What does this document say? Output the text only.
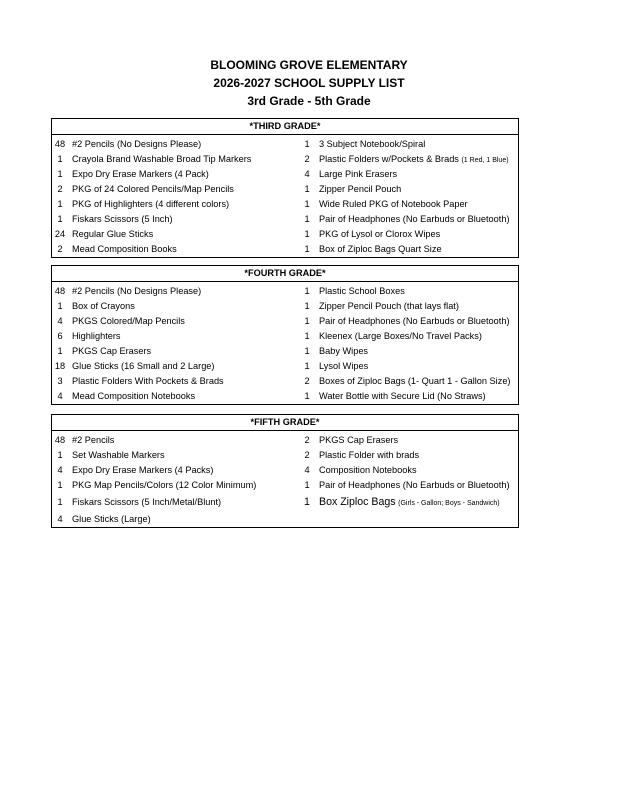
BLOOMING GROVE ELEMENTARY
2026-2027 SCHOOL SUPPLY LIST
3rd Grade - 5th Grade
*THIRD GRADE*
48 #2 Pencils (No Designs Please)	1 3 Subject Notebook/Spiral
1	Crayola Brand Washable Broad Tip Markers	2 Plastic Folders w/Pockets & Brads (1 Red, 1 Blue)
1	Expo Dry Erase Markers (4 Pack)	4 Large Pink Erasers
2	PKG of 24 Colored Pencils/Map Pencils	1 Zipper Pencil Pouch
1	PKG of Highlighters (4 different colors)	1 Wide Ruled PKG of Notebook Paper
1	Fiskars Scissors (5 Inch)	1 Pair of Headphones (No Earbuds or Bluetooth)
24 Regular Glue Sticks	1 PKG of Lysol or Clorox Wipes
2	Mead Composition Books	1 Box of Ziploc Bags Quart Size
*FOURTH GRADE*
48 #2 Pencils (No Designs Please)	1 Plastic School Boxes
1	Box of Crayons	1 Zipper Pencil Pouch (that lays flat)
4	PKGS Colored/Map Pencils	1 Pair of Headphones (No Earbuds or Bluetooth)
6	Highlighters	1 Kleenex (Large Boxes/No Travel Packs)
1	PKGS Cap Erasers	1 Baby Wipes
18 Glue Sticks (16 Small and 2 Large)	1 Lysol Wipes
3	Plastic Folders With Pockets & Brads	2 Boxes of Ziploc Bags (1- Quart 1 - Gallon Size)
4	Mead Composition Notebooks	1 Water Bottle with Secure Lid (No Straws)
*FIFTH GRADE*
48 #2 Pencils	2 PKGS Cap Erasers
1	Set Washable Markers	2 Plastic Folder with brads
4	Expo Dry Erase Markers (4 Packs)	4 Composition Notebooks
1	PKG Map Pencils/Colors (12 Color Minimum)	1 Pair of Headphones (No Earbuds or Bluetooth)
1	Fiskars Scissors (5 Inch/Metal/Blunt)	1 Box Ziploc Bags (Girls - Gallon; Boys - Sandwich)
4	Glue Sticks (Large)
